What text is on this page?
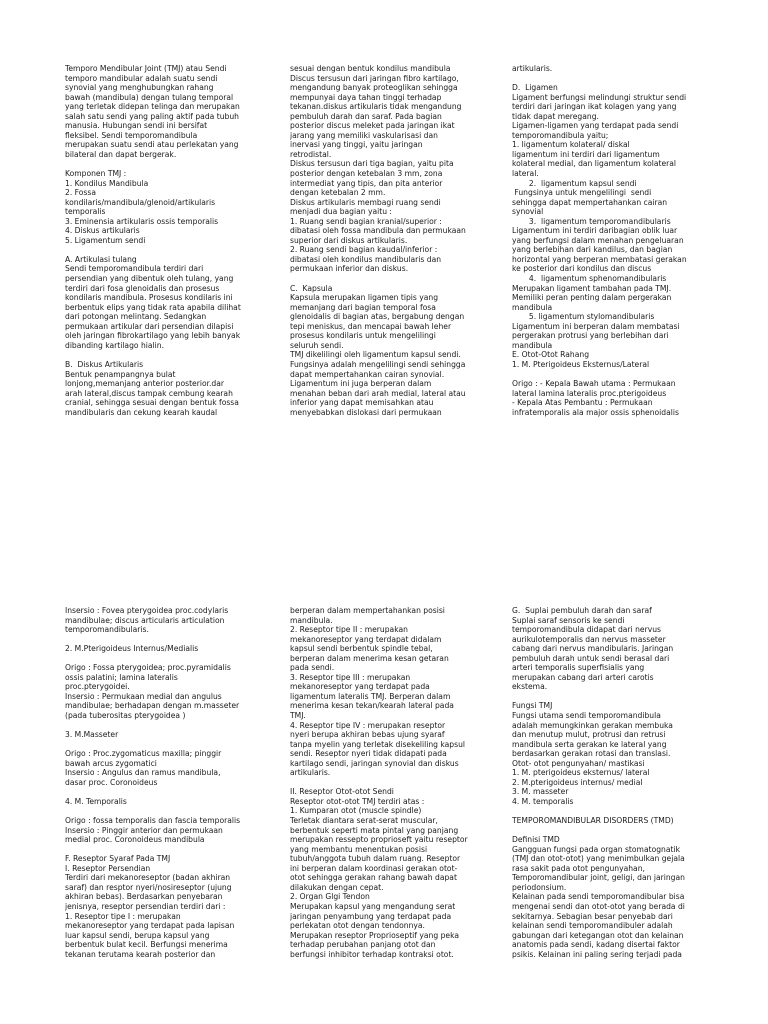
Temporo Mendibular Joint (TMJ) atau Sendi
temporo mandibular adalah suatu sendi
synovial yang menghubungkan rahang
bawah (mandibula) dengan tulang temporal
yang terletak didepan telinga dan merupakan
salah satu sendi yang paling aktif pada tubuh
manusia. Hubungan sendi ini bersifat
fleksibel. Sendi temporomandibula
merupakan suatu sendi atau perlekatan yang
bilateral dan dapat bergerak.
Komponen TMJ :
1. Kondilus Mandibula
2. Fossa
kondilaris/mandibula/glenoid/artikularis
temporalis
3. Eminensia artikularis ossis temporalis
4. Diskus artikularis
5. Ligamentum sendi
A. Artikulasi tulang
Sendi temporomandibula terdiri dari
persendian yang dibentuk oleh tulang, yang
terdiri dari fosa glenoidalis dan prosesus
kondilaris mandibula. Prosesus kondilaris ini
berbentuk elips yang tidak rata apabila dilihat
dari potongan melintang. Sedangkan
permukaan artikular dari persendian dilapisi
oleh jaringan fibrokartilago yang lebih banyak
dibanding kartilago hialin.
B.  Diskus Artikularis
Bentuk penampangnya bulat
lonjong,memanjang anterior posterior.dar
arah lateral,discus tampak cembung kearah
cranial, sehingga sesuai dengan bentuk fossa
mandibularis dan cekung kearah kaudal
sesuai dengan bentuk kondilus mandibula
Discus tersusun dari jaringan fibro kartilago,
mengandung banyak proteoglikan sehingga
mempunyai daya tahan tinggi terhadap
tekanan.diskus artikularis tidak mengandung
pembuluh darah dan saraf. Pada bagian
posterior discus meleket pada jaringan ikat
jarang yang memiliki vaskularisasi dan
inervasi yang tinggi, yaitu jaringan
retrodistal.
Diskus tersusun dari tiga bagian, yaitu pita
posterior dengan ketebalan 3 mm, zona
intermediat yang tipis, dan pita anterior
dengan ketebalan 2 mm.
Diskus artikularis membagi ruang sendi
menjadi dua bagian yaitu :
1. Ruang sendi bagian kranial/superior :
dibatasi oleh fossa mandibula dan permukaan
superior dari diskus artikularis.
2. Ruang sendi bagian kaudal/inferior :
dibatasi oleh kondilus mandibularis dan
permukaan inferior dan diskus.
C.  Kapsula
Kapsula merupakan ligamen tipis yang
memanjang dari bagian temporal fosa
glenoidalis di bagian atas, bergabung dengan
tepi meniskus, dan mencapai bawah leher
prosesus kondilaris untuk mengelilingi
seluruh sendi.
TMJ dikelilingi oleh ligamentum kapsul sendi.
Fungsinya adalah mengelilingi sendi sehingga
dapat mempertahankan cairan synovial.
Ligamentum ini juga berperan dalam
menahan beban dari arah medial, lateral atau
inferior yang dapat memisahkan atau
menyebabkan dislokasi dari permukaan
artikularis.
D.  Ligamen
Ligament berfungsi melindungi struktur sendi
terdiri dari jaringan ikat kolagen yang yang
tidak dapat meregang.
Ligamen-ligamen yang terdapat pada sendi
temporomandibula yaitu;
1. ligamentum kolateral/ diskal
ligamentum ini terdiri dari ligamentum
kolateral medial, dan ligamentum kolateral
lateral.
2.  ligamentum kapsul sendi
Fungsinya untuk mengelilingi  sendi
sehingga dapat mempertahankan cairan
synovial
3.  ligamentum temporomandibularis
Ligamentum ini terdiri daribagian oblik luar
yang berfungsi dalam menahan pengeluaran
yang berlebihan dari kandilus, dan bagian
horizontal yang berperan membatasi gerakan
ke posterior dari kondilus dan discus
4.  ligamentum sphenomandibularis
Merupakan ligament tambahan pada TMJ.
Memiliki peran penting dalam pergerakan
mandibula
5. ligamentum stylomandibularis
Ligamentum ini berperan dalam membatasi
pergerakan protrusi yang berlebihan dari
mandibula
E. Otot-Otot Rahang
1. M. Pterigoideus Eksternus/Lateral
Origo : - Kepala Bawah utama : Permukaan
lateral lamina lateralis proc.pterigoideus
- Kepala Atas Pembantu : Permukaan
infratemporalis ala major ossis sphenoidalis
Insersio : Fovea pterygoidea proc.codylaris
mandibulae; discus articularis articulation
temporomandibularis.
2. M.Pterigoideus Internus/Medialis
Origo : Fossa pterygoidea; proc.pyramidalis
ossis palatini; lamina lateralis
proc.pterygoidei.
Insersio : Permukaan medial dan angulus
mandibulae; berhadapan dengan m.masseter
(pada tuberositas pterygoidea )
3. M.Masseter
Origo : Proc.zygomaticus maxilla; pinggir
bawah arcus zygomatici
Insersio : Angulus dan ramus mandibula,
dasar proc. Coronoideus
4. M. Temporalis
Origo : fossa temporalis dan fascia temporalis
Insersio : Pinggir anterior dan permukaan
medial proc. Coronoideus mandibula
F. Reseptor Syaraf Pada TMJ
I. Reseptor Persendian
Terdiri dari mekanoreseptor (badan akhiran
saraf) dan resptor nyeri/nosireseptor (ujung
akhiran bebas). Berdasarkan penyebaran
jenisnya, reseptor persendian terdiri dari :
1. Reseptor tipe I : merupakan
mekanoreseptor yang terdapat pada lapisan
luar kapsul sendi, berupa kapsul yang
berbentuk bulat kecil. Berfungsi menerima
tekanan terutama kearah posterior dan
berperan dalam mempertahankan posisi
mandibula.
2. Reseptor tipe II : merupakan
mekanoreseptor yang terdapat didalam
kapsul sendi berbentuk spindle tebal,
berperan dalam menerima kesan getaran
pada sendi.
3. Reseptor tipe III : merupakan
mekanoreseptor yang terdapat pada
ligamentum lateralis TMJ. Berperan dalam
menerima kesan tekan/kearah lateral pada
TMJ.
4. Reseptor tipe IV : merupakan reseptor
nyeri berupa akhiran bebas ujung syaraf
tanpa myelin yang terletak disekeliling kapsul
sendi. Reseptor nyeri tidak didapati pada
kartilago sendi, jaringan synovial dan diskus
artikularis.
II. Reseptor Otot-otot Sendi
Reseptor otot-otot TMJ terdiri atas :
1. Kumparan otot (muscle spindle)
Terletak diantara serat-serat muscular,
berbentuk seperti mata pintal yang panjang
merupakan ressepto proprioseft yaitu reseptor
yang membantu menentukan posisi
tubuh/anggota tubuh dalam ruang. Reseptor
ini berperan dalam koordinasi gerakan otot-
otot sehingga gerakan rahang bawah dapat
dilakukan dengan cepat.
2. Organ Glgi Tendon
Merupakan kapsul yang mengandung serat
jaringan penyambung yang terdapat pada
perlekatan otot dengan tendonnya.
Merupakan reseptor Proprioseptif yang peka
terhadap perubahan panjang otot dan
berfungsi inhibitor terhadap kontraksi otot.
G.  Suplai pembuluh darah dan saraf
Suplai saraf sensoris ke sendi
temporomandibula didapat dari nervus
aurikulotemporalis dan nervus masseter
cabang dari nervus mandibularis. Jaringan
pembuluh darah untuk sendi berasal dari
arteri temporalis superfisialis yang
merupakan cabang dari arteri carotis
ekstema.
Fungsi TMJ
Fungsi utama sendi temporomandibula
adalah memungkinkan gerakan membuka
dan menutup mulut, protrusi dan retrusi
mandibula serta gerakan ke lateral yang
berdasarkan gerakan rotasi dan translasi.
Otot- otot pengunyahan/ mastikasi
1. M. pterigoideus eksternus/ lateral
2. M.pterigoideus internus/ medial
3. M. masseter
4. M. temporalis
TEMPOROMANDIBULAR DISORDERS (TMD)
Definisi TMD
Gangguan fungsi pada organ stomatognatik
(TMJ dan otot-otot) yang menimbulkan gejala
rasa sakit pada otot pengunyahan,
Temporomandibular joint, geligi, dan jaringan
periodonsium.
Kelainan pada sendi temporomandibular bisa
mengenai sendi dan otot-otot yang berada di
sekitarnya. Sebagian besar penyebab dari
kelainan sendi temporomandibuler adalah
gabungan dari ketegangan otot dan kelainan
anatomis pada sendi, kadang disertai faktor
psikis. Kelainan ini paling sering terjadi pada
